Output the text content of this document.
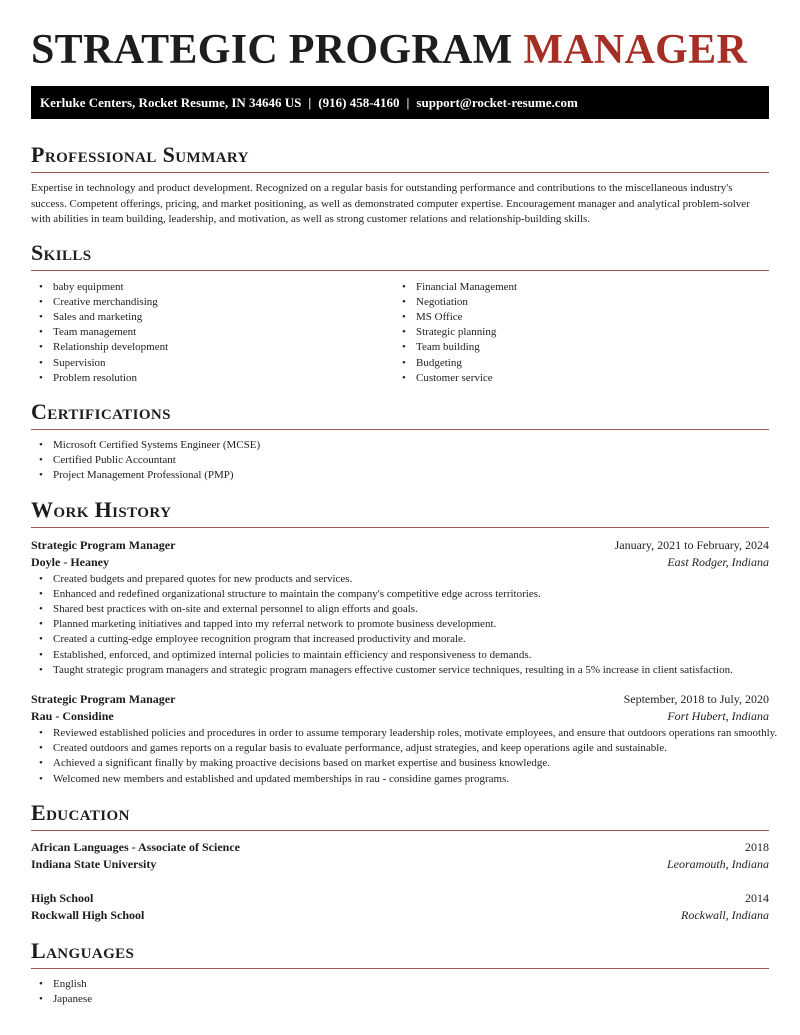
STRATEGIC PROGRAM MANAGER
Kerluke Centers, Rocket Resume, IN 34646 US | (916) 458-4160 | support@rocket-resume.com
Professional Summary

Expertise in technology and product development. Recognized on a regular basis for outstanding performance and contributions to the miscellaneous industry's success. Competent offerings, pricing, and market positioning, as well as demonstrated computer expertise. Encouragement manager and analytical problem-solver with abilities in team building, leadership, and motivation, as well as strong customer relations and relationship-building skills.

Skills
• baby equipment
• Creative merchandising
• Sales and marketing
• Team management
• Relationship development
• Supervision
• Problem resolution
• Financial Management
• Negotiation
• MS Office
• Strategic planning
• Team building
• Budgeting
• Customer service
Certifications
• Microsoft Certified Systems Engineer (MCSE)
• Certified Public Accountant
• Project Management Professional (PMP)
Work History
Strategic Program Manager	January, 2021 to February, 2024
Doyle - Heaney	East Rodger, Indiana
• Created budgets and prepared quotes for new products and services.
• Enhanced and redefined organizational structure to maintain the company's competitive edge across territories.
• Shared best practices with on-site and external personnel to align efforts and goals.
• Planned marketing initiatives and tapped into my referral network to promote business development.
• Created a cutting-edge employee recognition program that increased productivity and morale.
• Established, enforced, and optimized internal policies to maintain efficiency and responsiveness to demands.
• Taught strategic program managers and strategic program managers effective customer service techniques, resulting in a 5% increase in client satisfaction.
Strategic Program Manager	September, 2018 to July, 2020
Rau - Considine	Fort Hubert, Indiana
• Reviewed established policies and procedures in order to assume temporary leadership roles, motivate employees, and ensure that outdoors operations ran smoothly.
• Created outdoors and games reports on a regular basis to evaluate performance, adjust strategies, and keep operations agile and sustainable.
• Achieved a significant finally by making proactive decisions based on market expertise and business knowledge.
• Welcomed new members and established and updated memberships in rau - considine games programs.
Education
African Languages - Associate of Science	2018
Indiana State University	Leoramouth, Indiana
High School	2014
Rockwall High School	Rockwall, Indiana
Languages
• English
• Japanese
